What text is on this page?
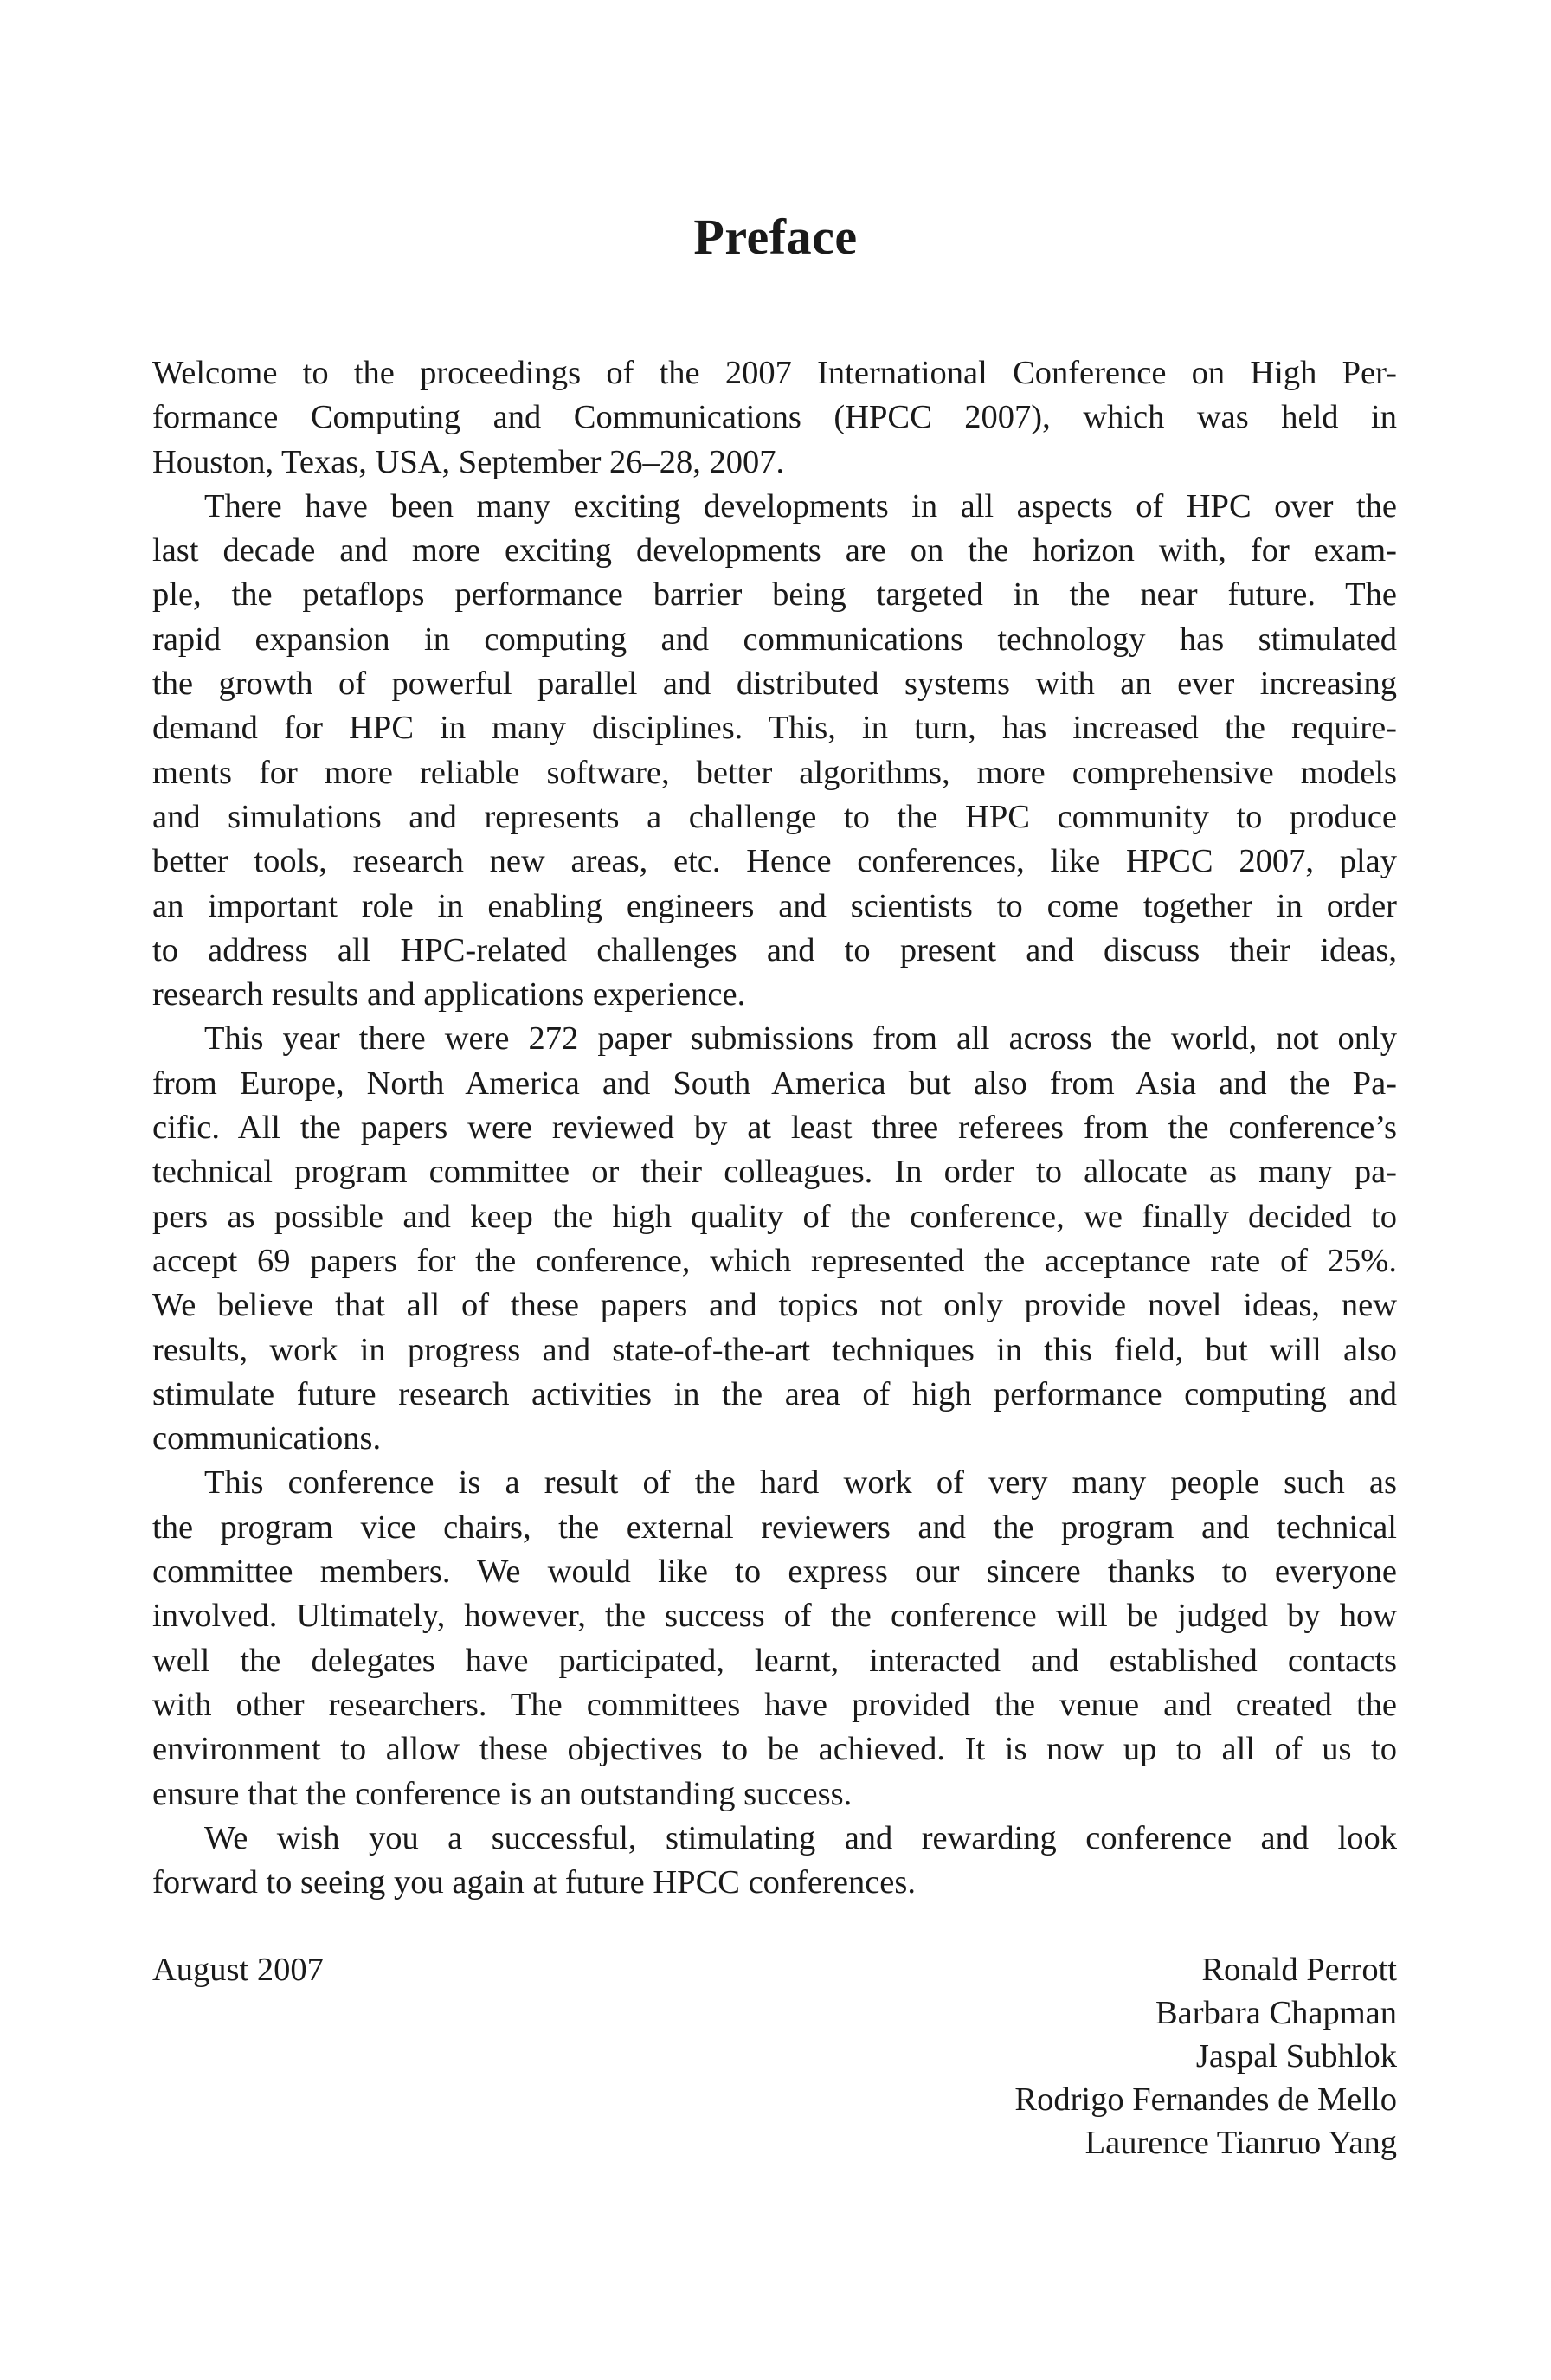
Preface
Welcome to the proceedings of the 2007 International Conference on High Per-
formance Computing and Communications (HPCC 2007), which was held in
Houston, Texas, USA, September 26–28, 2007.
There have been many exciting developments in all aspects of HPC over the
last decade and more exciting developments are on the horizon with, for exam-
ple, the petaflops performance barrier being targeted in the near future. The
rapid expansion in computing and communications technology has stimulated
the growth of powerful parallel and distributed systems with an ever increasing
demand for HPC in many disciplines. This, in turn, has increased the require-
ments for more reliable software, better algorithms, more comprehensive models
and simulations and represents a challenge to the HPC community to produce
better tools, research new areas, etc. Hence conferences, like HPCC 2007, play
an important role in enabling engineers and scientists to come together in order
to address all HPC-related challenges and to present and discuss their ideas,
research results and applications experience.
This year there were 272 paper submissions from all across the world, not only
from Europe, North America and South America but also from Asia and the Pa-
cific. All the papers were reviewed by at least three referees from the conference’s
technical program committee or their colleagues. In order to allocate as many pa-
pers as possible and keep the high quality of the conference, we finally decided to
accept 69 papers for the conference, which represented the acceptance rate of 25%.
We believe that all of these papers and topics not only provide novel ideas, new
results, work in progress and state-of-the-art techniques in this field, but will also
stimulate future research activities in the area of high performance computing and
communications.
This conference is a result of the hard work of very many people such as
the program vice chairs, the external reviewers and the program and technical
committee members. We would like to express our sincere thanks to everyone
involved. Ultimately, however, the success of the conference will be judged by how
well the delegates have participated, learnt, interacted and established contacts
with other researchers. The committees have provided the venue and created the
environment to allow these objectives to be achieved. It is now up to all of us to
ensure that the conference is an outstanding success.
We wish you a successful, stimulating and rewarding conference and look
forward to seeing you again at future HPCC conferences.
August 2007	Ronald Perrott
Barbara Chapman
Jaspal Subhlok
Rodrigo Fernandes de Mello
Laurence Tianruo Yang
